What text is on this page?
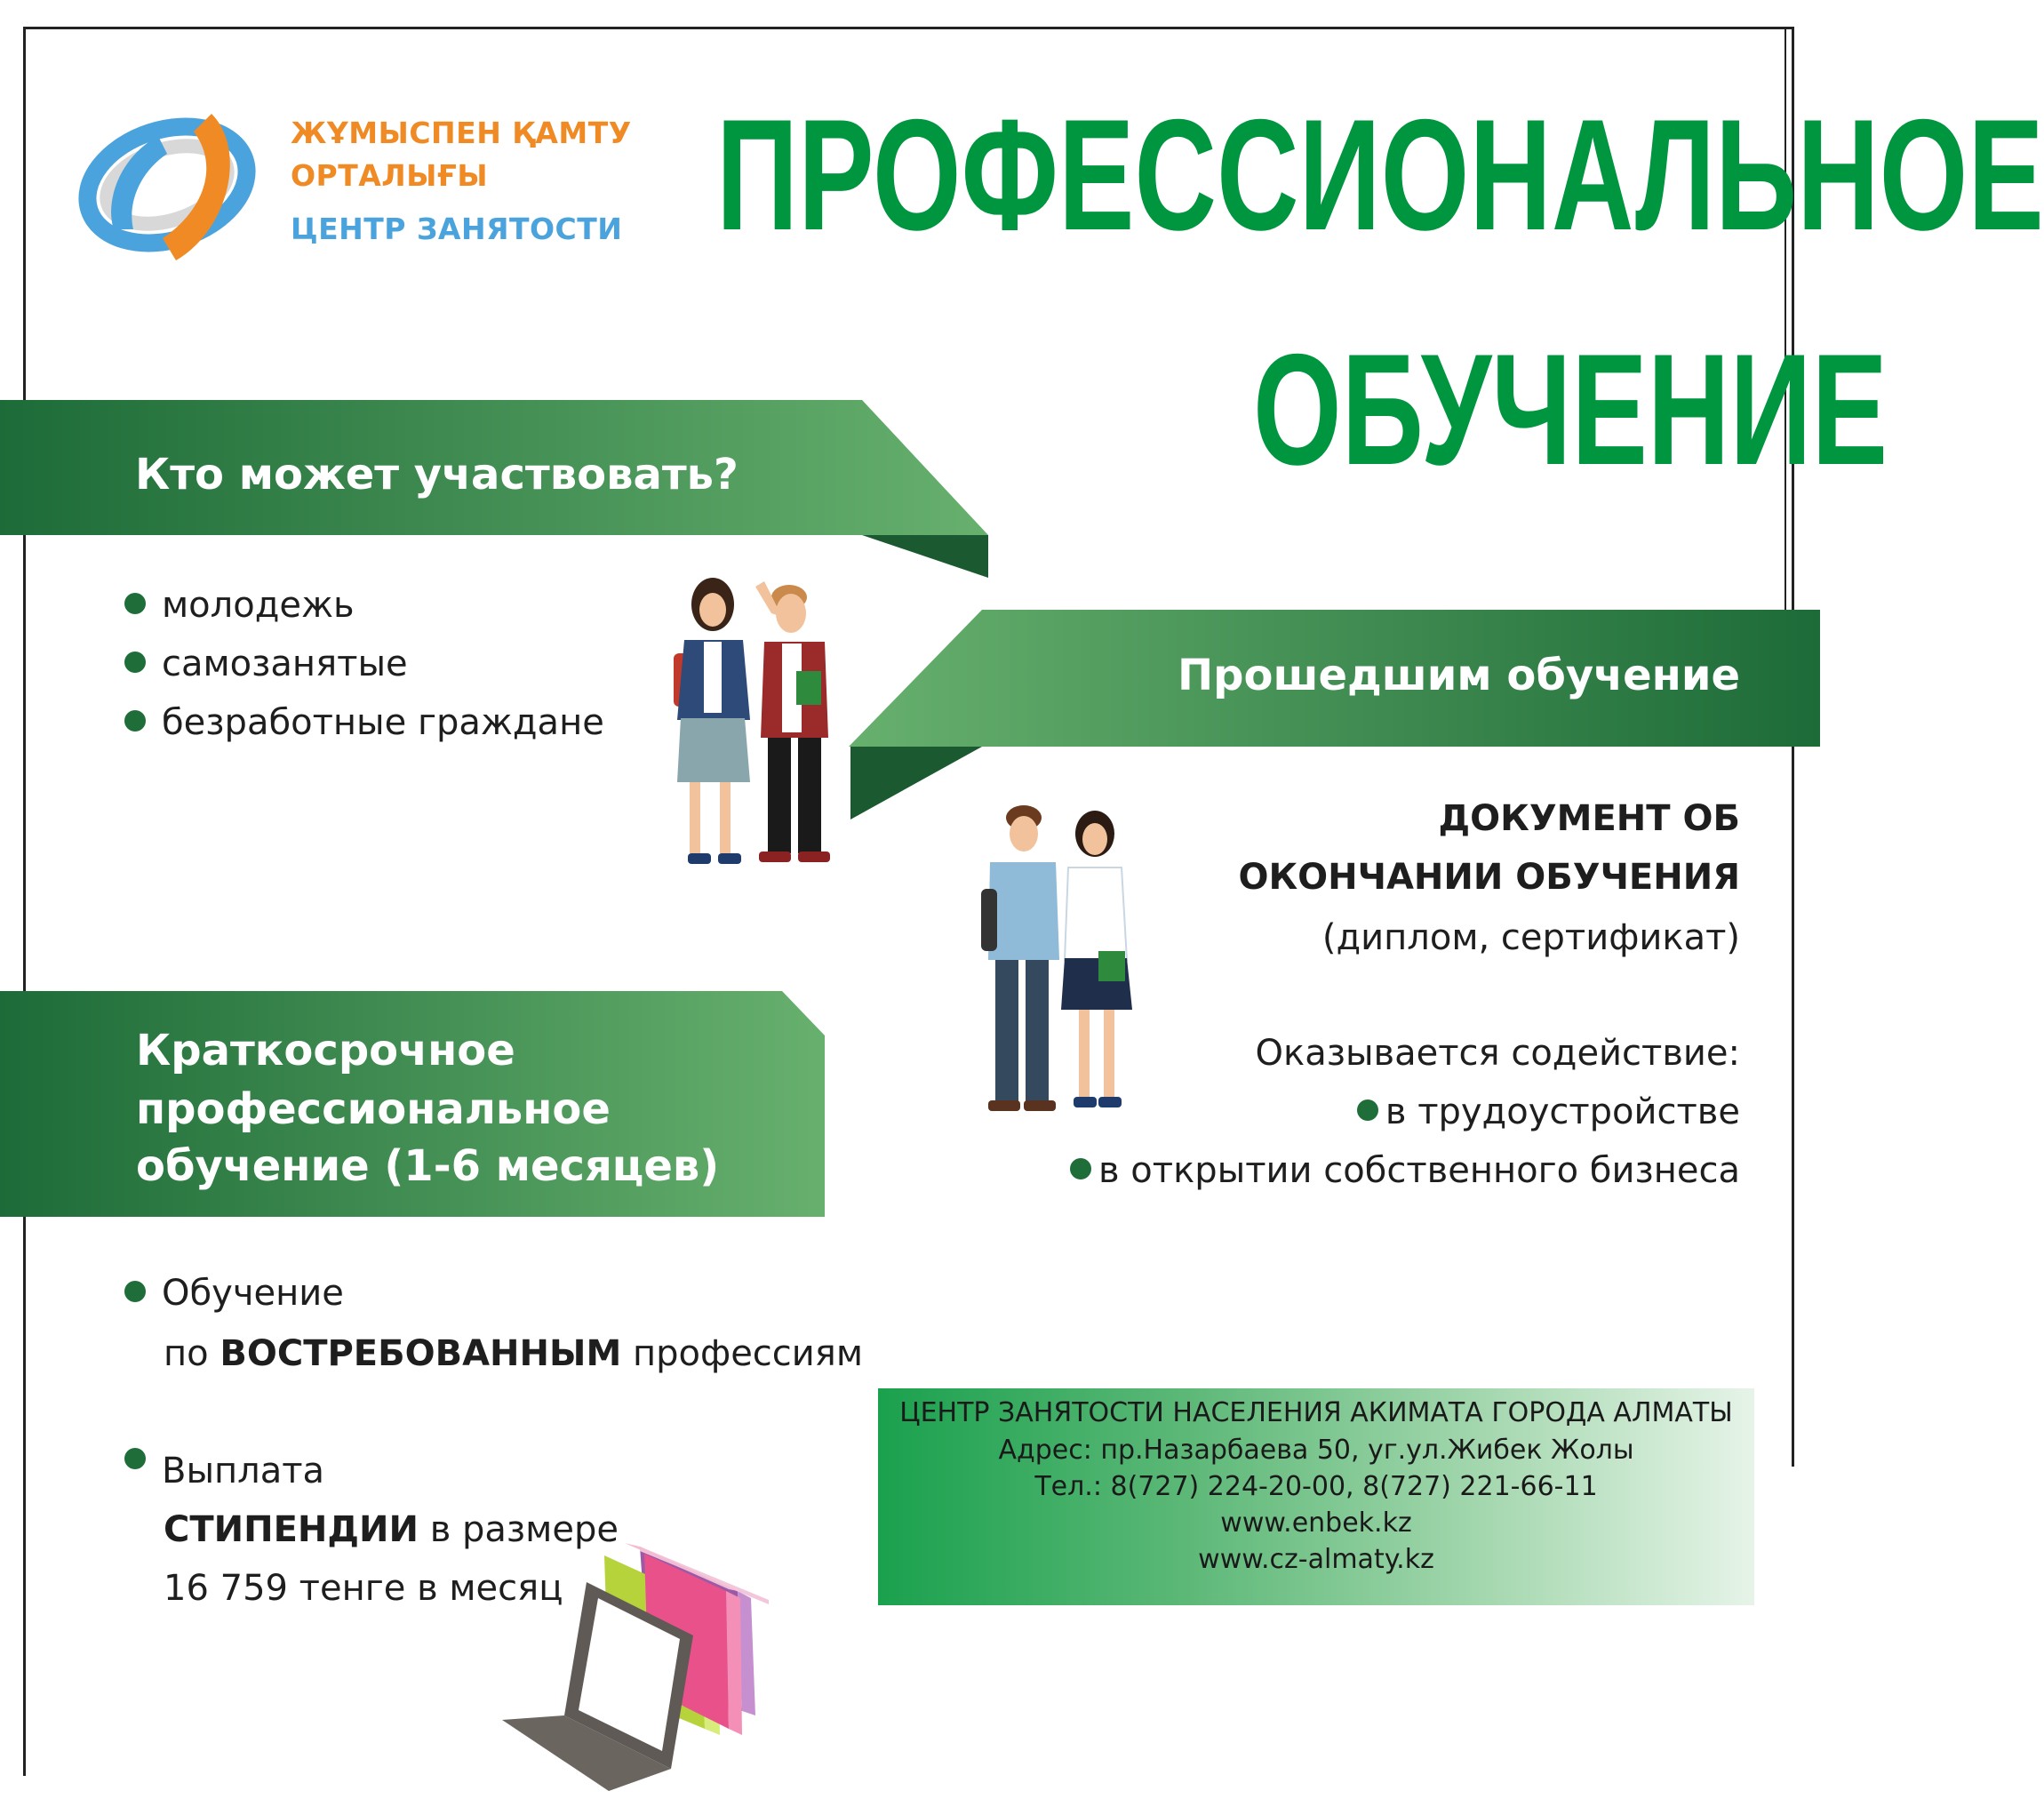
ЖҰМЫСПЕН ҚАМТУ
ОРТАЛЫҒЫ
ЦЕНТР ЗАНЯТОСТИ ПРОФЕССИОНАЛЬНОЕ
ОБУЧЕНИЕ
Кто может участвовать?
молодежь
самозанятые
безработные граждане
Прошедшим обучение
ДОКУМЕНТ ОБ
ОКОНЧАНИИ ОБУЧЕНИЯ
(диплом, сертификат)
Оказывается содействие:
в трудоустройстве
в открытии собственного бизнеса
Краткосрочное
профессиональное
обучение (1-6 месяцев)
Обучение
по ВОСТРЕБОВАННЫМ профессиям
Выплата
СТИПЕНДИИ в размере
16 759 тенге в месяц
ЦЕНТР ЗАНЯТОСТИ НАСЕЛЕНИЯ АКИМАТА ГОРОДА АЛМАТЫ
Адрес: пр.Назарбаева 50, уг.ул.Жибек Жолы
Тел.: 8(727) 224-20-00, 8(727) 221-66-11
www.enbek.kz
www.cz-almaty.kz
